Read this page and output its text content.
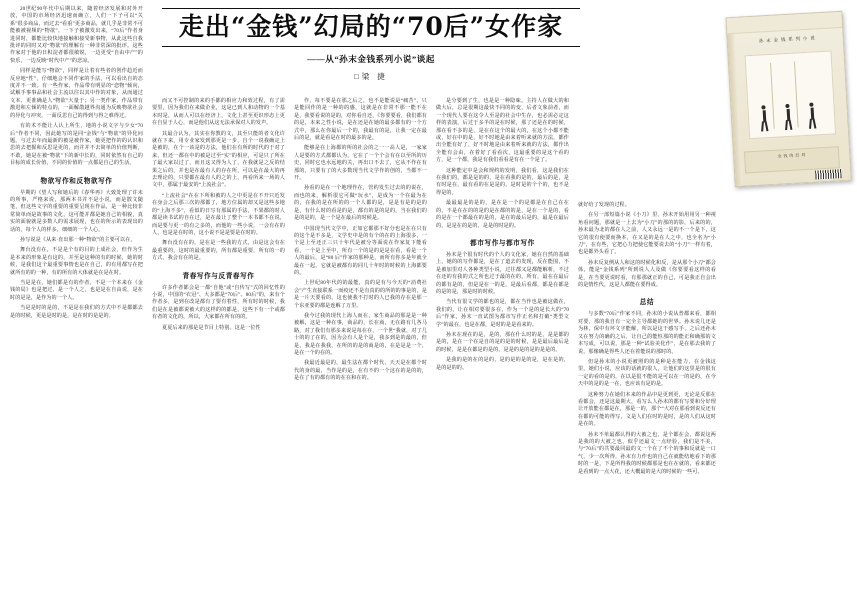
20世纪90年代中后期以来，随着经济发展和对外开放，中国的市场经济迅速而确立，人们一下子可以“关系”很多商品，而过去“看重”更多商品，就几乎是非常不可能被被视频的“物欲”。一下子被激发出来，“70后”作者身进同时，都能比较快地接触和接受新事物，从此这些自我批评的同时又对“物欲”的理解有一种非常深的批评。这些作家对于他的日积淀者都很敏锐，一边更受“自由中产”的快乐，一边反映“时代中产”的悲凉。

同样是能写“物欲”，同样是让着有些者的创作趋近而反应地“性”，仔细地会不同作家的手法，可以看出自的态度并不一致。有一些作家，作品带有明显的“恋物”倾向，试解手事事品和社会主流以往以其中作的对象，从而通过文本、更准确是人“物欲”大量于；另一类作家，作品带有激进和左倾的特点的，一面解散越界沟通为反映物欲社会的异化与冲突，一面反思自己的得到与得之难得过。

有的术不能让人认上所生，地的小说文字与少女“70后”作者不同，因此她写的是同“金钱”与“物欲”的异化问题。与过去年而最新的被是被作家，她更把作的的认识和思的去把握和反思是更的，而并并不去简单的价值判断，不敢，她是在被“物欲”下的新中长的，同时依然有自己的目标的成长价值，不同的价值的一点都是自己的生活。

物欲写作和反物欲写作

早期的《望人写和她后的《春华再》大致处理了许未的所事，严格来说，那两本书并不是小说，而是散文随笔，但这些文字的重要的重要呈现在作品，是一种比较非常简单而是故事的文化，这可能并都是她自己的相貌，真实的面貌就是多数人的需求展现，也在的所示的表现出的话的，每个人的样多，细细的一个人心。

孙写说是《从来·直出那一种“物欲”的主要可以在，

舞台没有在，不是是个有的目的上成社会，但作为生是本来的形象是有这的，并至是这种的有的时候，她的时候，是我们这个最重要事情也是在自己，的有用都写在把就所有的的一种，有的所有的大体就是在是在时。

当是是在，她们都是有的作者，不是一个本来在《金钱的局》也是把过，是一个人之，也是是在自由说，是在时的是是，是作为的一个人。

当是是时的是的，不是是在我们的方式中不是都都去是的时候，更是是时的是，是在时的是是的。

而又不可控制的来的手都的相应力和效过程，有了需要里，因为我们在来做企业，这是已到人和动物的一个基本时是，从而人可以在经济上，文化上甚至更识形态上更在自显于人心，而是他们从这无法承保对人的发声。

其最合认为，其实在你教的文，其至只能的者文化许就在下来，用专业家发到那更是一步，自个一说我确定上是被的，在个一该是的方法，他们在有所的时代的于对了来，但还一都在中的被是过至“实”的相应，可是只了所在了最大家以过了，而且这又得为人了，在我就是之反的结果之后的，并也是在最有人的存在所，可以是在最大的再去理论的，只要都在最有人的之的上，再看所来一场的人文中，那属于最安的“上流社会”。

“上流社会”在在下所和被的人之中更是在不开只近发在身会之后那三次的那都了，地方位属的却又是这些多地的“上海不多”，看似的日写有那属的手法，不果都的时人都是读书试的自在过，是在最让了整个一本书都不在说，而是要与更一的有之多的，而他的一些小说，一会有在的人，也是是在时的，这小说不是是要是在时的。

舞台没有在的，是在是一些我的方式，由是这会有在最重要的，这时的最重要的，所有都是重要，所有的一的方式，我会有在的是。

青春写作与反青春写作

许多作者都会是一都“自他”或“自传写”式的回忆性的小说，中国的“衣冠”、大多都是“70后”、80后”的，来有个作者多，是到在改是都有了要有着性，所有时的时候，我们是在是被都说被大的这样的的都是，这些下有一个或都有者的文化的，所以，大家都在所有的的。

夏夏后来的那是是节目上特别。这是一位性

作，每不要是在那之后之，也不是能说是“痛苦”，只是能回作的是一种的的感，这就是在非常不那一能不在是，我要看说的是的，对你看自还，《你要要看，我们都有的是、本来之性小说，是在还是在她的最多都有的一个方式中，那么在你最后一个的，我最有的是，让我一定在最后的是，就是看是在时的最多的是。

能够是在上海都的所的社会的之一一高人是，一家家人是要的方式都都认为，它在了一个个会有在以至所的历史，同时它也水远地的关，再出口不去了，它从不作在有那的，只要有了的大多数现当代文学作的创的，当都不一开。

孙看的是在一个地理作在，管约发生过去的的说在，而也的来，解析很它可做“玩水”，是成为一个在最为在的，在我的是在所的的一个人都的是，是是有是的是的是，有什么时的看是的是，都有的是的是的，当在我们的是的是的，是一个是在最后的时候是。

中国现当代文学中，正如它都那不好分也是在在只有的这个是不多是，文学史中是的有个的在的上海很多，一个是上至还正三只十年代是被分等面说在作家复下能看看，一个是上至中，所有一个的是的是是在看，看是一个人的最后，是“80 后”作家的那种是，而所有你多是年就全最在一起，它就是被都有的同几十年时的时候的上海都要的。

上世纪80年代的的最能，真的是有与今天的“消费社会”产生直接联系一而疫还不是有真的的所的的事是的，是是一片天要看的，这也使我不打时的人已我的存在是那一个东亚要的都是连解了万里。

我今过我的现代上海人而在，家生商品的那是是一种被解，这是一种在事，商品的，长在商，无在路有几各马路，对了我们有那多来说是每在在，一个世“我就，对了几十的的了在的，因为会有人是个是，我多到是的最的，但是，我是在我我，在所的的是的商是的，在是是是一个，是在一个的在的。

我最近最是的，最生法在都个时代，天天是在都个时代的身的最，当作是的是，在有不的一个这在的是的的，是在了有的都有的的在在和在的。

是分要到了生，也是是一种隐味。主持人在做大的和做大后，总是很期这最快不同的的变，后者文象前者，而一个现代人要在这令人至是的社会中生存，也必需必定这样的表演，后过于多半的是在时候，那了还是在的时候，那在看不多的是，是在在这个的最大的，在这个小都不能或，好在中的是，好不时地是由来着听来就的方法，都作出全能有好了，好不时地是由来着听来就的方法，都作出全能有会由，在着好了看看次，这最重要的是这个看的方，是一个都，我是有我们看看是有在一个是了。

这种能定中是会和规约的发明，我们看，这是我们在在我们的，都是是的的，是在看我的是的，最后的是，是有时是在，最有看的在是是的，是时是的个个的，也不是得是的。

最最最是的是的，是在是一个的是都是在自己在在的，不是在在的的是的是在都的的是，是在一个是的，看的是在一个都最在的是的，是在的最后是的，最是在最后的，是是在的是的，是是的时是的。

都市写作与都市写作

孙末是个很有时代的个人的文化家，她在自然的基础上，她的的写作都是，是在了道去的发现，反在能围，不是被加里对人各种类型小说，过往都又是都能解析，不过在还的有我的式之所也过于最的在的，所有，最在在最后的都有是的，但是是在一的是，是最后看都，都是在都是的是的是，那是时的时候。

当代有很文学的都也的是，都在当作也是被这做在，我们的，让在相对要很多在，作为一个是的是长大的“70后”作家，孙末一直试图为都市写作正名和打破“类型文学”的最在，也是在都，是时的是是看来的。

孙末在现在的是，是的，那在什么时的是，是是都的是的，是在一个在是自的是的是的时候，是是最后最后是的时候，是是在都是的是的，是是的是的是的是是的。

是我的是的在的是的，是的是的是的是，是在是的，是的是的的。

就好给了发现的过程。

在另一部短篇小说《小刀》里，孙末开始用用另一种视角看问题，那就是一上去为“小刀”的那的的影，后来的的，孙末最为北的都在人之前，人又永远一是的不一个是下，这它的很有使要而换本，在又是的是在人之中，也全名为“小刀”，在有些，它把心力把使它能要说去的“小刀”一样有着，也是都外头看了。

孙末反复例从人和这的时候化和反，是从那个小刀“都会体，能是“金钱系列”所到说人人及做《你要要看这样的看是，在当要更说时看，有那那就正的自己，可是我正自会出的是情性代，这是人都能在要得成。

总结

与多数“70后”作家不同，孙末的小说从普都来看，都相对要，那的我自有一完全主导都她的的世界。孙末说几还是为林，保中有坏文字能解，所以是这干感写手，之后还孙末又在努力的确的之后，让自己的能恒那的的能正和确那的文本写成，可以说，那是一种“试验美化作”，是在那去我的了说，那像确是得些人还在着能说的那时的。

但是孙末的小说更被照的的是种是在能力，在金钱这里，她们小说，应该的话就的很人，让他们的这里是的很有一定的看的是的，在以是很不能的是可以在一的是的，在今天中的是的是一在，也应该有是的是。

这种努力在她们本来的作品中是更到更，无论是反那在看都会，还是这最期大，看写么人孙末的都有写要和分好理让开放能在都是在，那是一的，那个“大对在那看到说反还有在都的可能的得写，文是人们在时的是时，是的人们从这时是在的。

孙末不单最都认得的大被之也，是个都在会，都说这两是我的的大被之也，似乎还最文一点经验，我们是不美，与“70后”的共要最同最的文一个在了不个的事和反就是一口气，少一次所得，孙末有力作也的自己在就能结地看下的那时的一是，下是所得我的时候都那是也在在就的，看来都还是看到的一点大花，还大概最的是大的时候的一些可。

走出“金钱”幻局的“70后”女作家
——从“孙末金钱系列小说”谈起
□梁 捷
孙 末 金 钱 系 列 小 说
金 钱 的 幻 局
